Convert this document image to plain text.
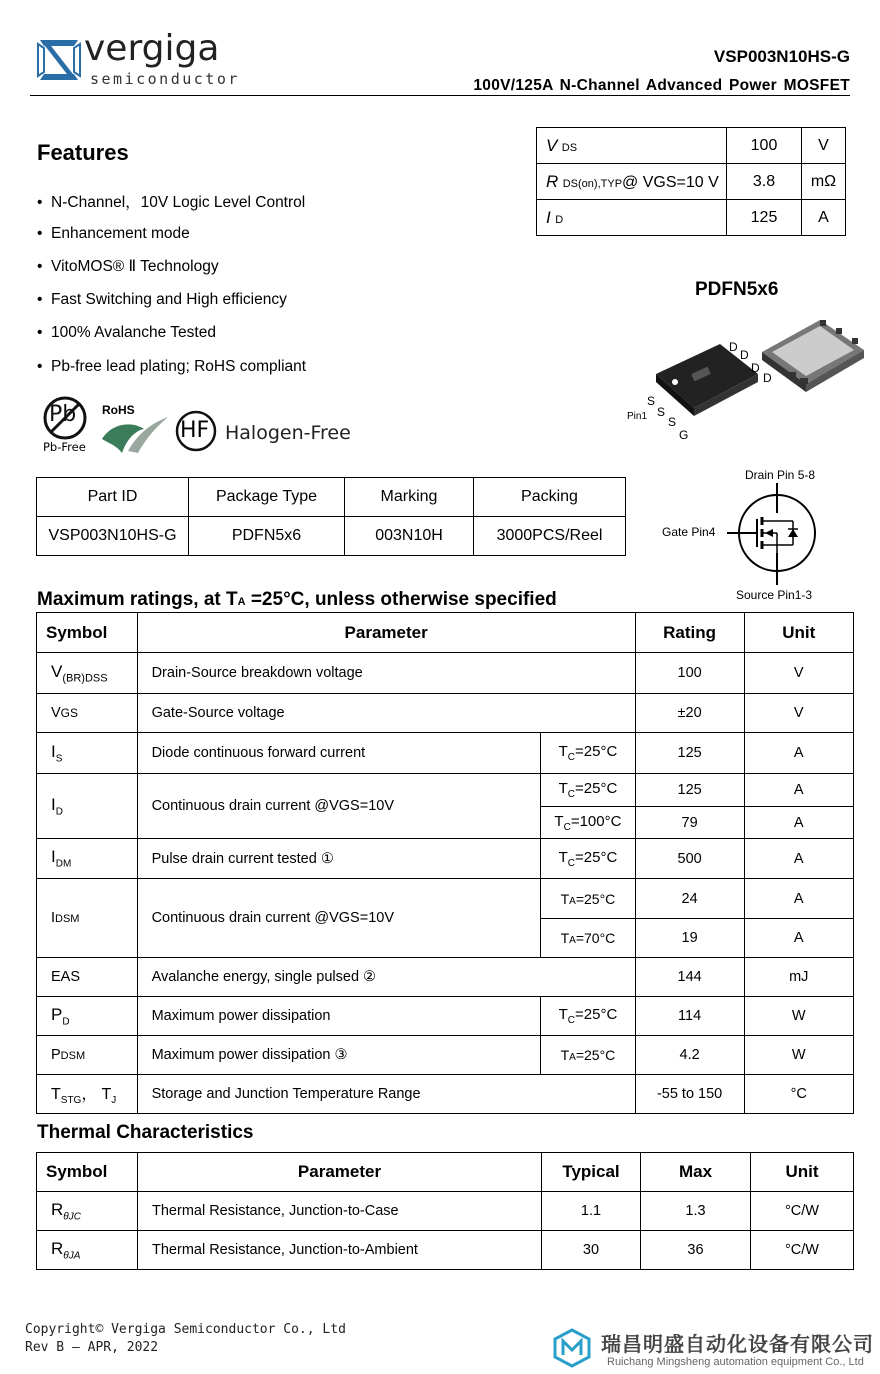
vergiga
semiconductor
VSP003N10HS-G
100V/125A N-Channel Advanced Power MOSFET
Features
•  N-Channel，10V Logic Level Control
•  Enhancement mode
•  VitoMOS® Ⅱ Technology
•  Fast Switching and High efficiency
•  100% Avalanche Tested
•  Pb-free lead plating; RoHS compliant
Pb
Pb-Free
RoHS
HF Halogen-Free
V DS	100	V
R DS(on),TYP@ VGS=10 V	3.8	mΩ
I D	125	A
PDFN5x6
Pin1
D
D
D
D
S
S
S
G
Drain Pin 5-8
Gate Pin4
Source Pin1-3
Part ID	Package Type	Marking	Packing
VSP003N10HS-G	PDFN5x6	003N10H	3000PCS/Reel
Maximum ratings, at TA =25°C, unless otherwise specified
Symbol	Parameter		Rating	Unit
$V_{(BR)DSS}$	Drain-Source breakdown voltage		100	V
VGS	Gate-Source voltage		±20	V
$I_S$	Diode continuous forward current	$T_C=25^\circ C$	125	A
$I_D$	Continuous drain current @VGS=10V	$T_C=25^\circ C$	125	A
		$T_C=100^\circ C$	79	A
$I_{DM}$	Pulse drain current tested ①	$T_C=25^\circ C$	500	A
IDSM	Continuous drain current @VGS=10V	TA=25°C	24	A
		TA=70°C	19	A
EAS	Avalanche energy, single pulsed ②		144	mJ
$P_D$	Maximum power dissipation	$T_C=25^\circ C$	114	W
PDSM	Maximum power dissipation ③	TA=25°C	4.2	W
$T_{STG}$， $T_J$	Storage and Junction Temperature Range		-55 to 150	°C
Thermal Characteristics
Symbol	Parameter	Typical	Max	Unit
$R_{\theta JC}$	Thermal Resistance, Junction-to-Case	1.1	1.3	°C/W
$R_{\theta JA}$	Thermal Resistance, Junction-to-Ambient	30	36	°C/W
Copyright© Vergiga Semiconductor Co., Ltd
Rev B – APR, 2022	瑞昌明盛自动化设备有限公司
Ruichang Mingsheng automation equipment Co., Ltd
